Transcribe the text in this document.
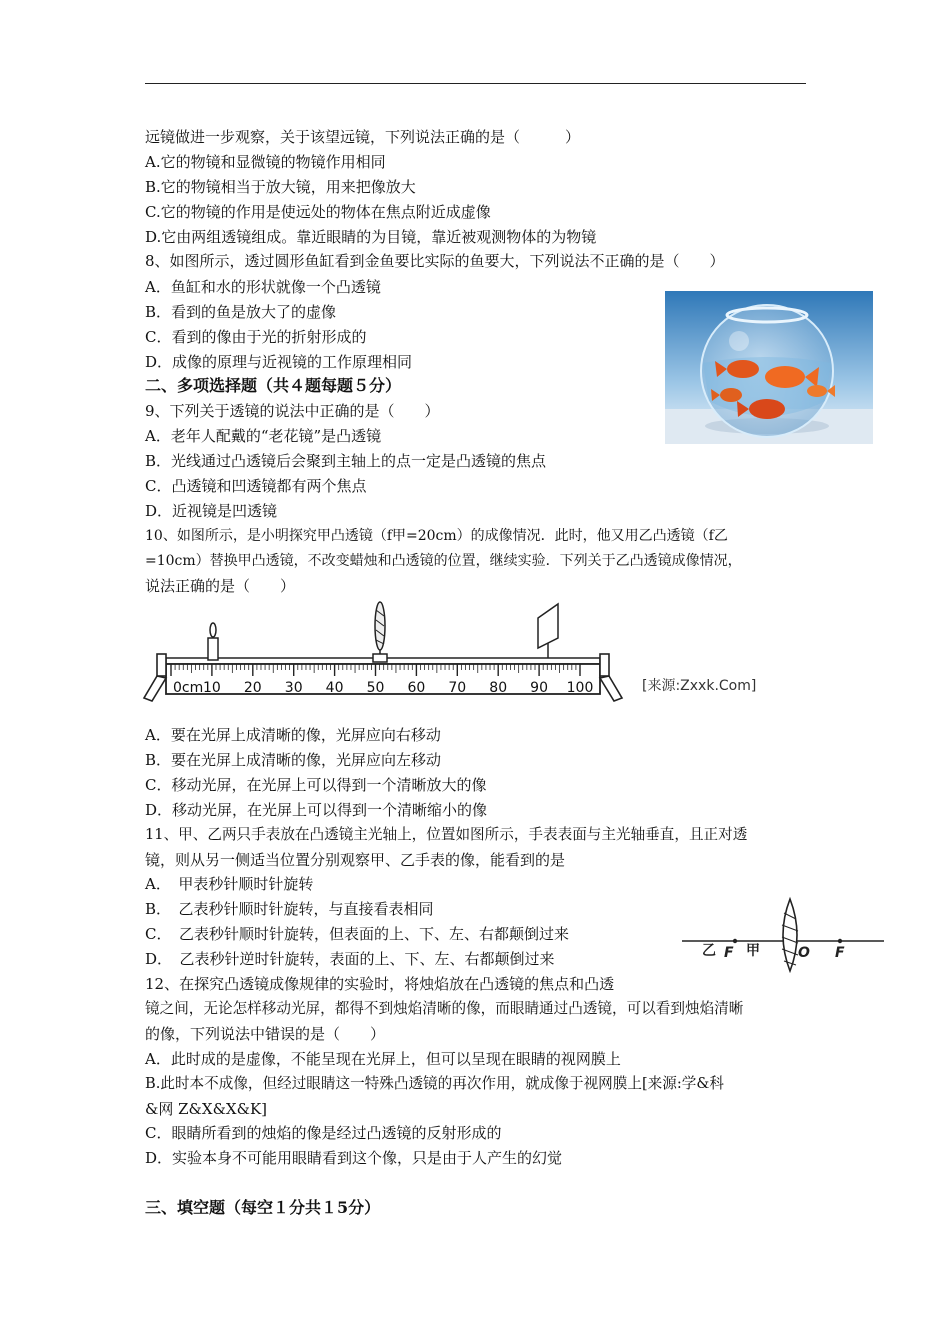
远镜做进一步观察，关于该望远镜，下列说法正确的是（　　　）
A.它的物镜和显微镜的物镜作用相同
B.它的物镜相当于放大镜，用来把像放大
C.它的物镜的作用是使远处的物体在焦点附近成虚像
D.它由两组透镜组成。靠近眼睛的为目镜，靠近被观测物体的为物镜
8、如图所示，透过圆形鱼缸看到金鱼要比实际的鱼要大，下列说法不正确的是（　　）
A．鱼缸和水的形状就像一个凸透镜
B．看到的鱼是放大了的虚像
C．看到的像由于光的折射形成的
D．成像的原理与近视镜的工作原理相同
二、多项选择题（共４题每题５分）
9、下列关于透镜的说法中正确的是（　　）
A．老年人配戴的“老花镜”是凸透镜
B．光线通过凸透镜后会聚到主轴上的点一定是凸透镜的焦点
C．凸透镜和凹透镜都有两个焦点
D．近视镜是凹透镜
10、如图所示，是小明探究甲凸透镜（f甲=20cm）的成像情况．此时，他又用乙凸透镜（f乙
=10cm）替换甲凸透镜，不改变蜡烛和凸透镜的位置，继续实验．下列关于乙凸透镜成像情况，
说法正确的是（　　）
A．要在光屏上成清晰的像，光屏应向右移动
B．要在光屏上成清晰的像，光屏应向左移动
C．移动光屏，在光屏上可以得到一个清晰放大的像
D．移动光屏，在光屏上可以得到一个清晰缩小的像
11、甲、乙两只手表放在凸透镜主光轴上，位置如图所示，手表表面与主光轴垂直，且正对透
镜，则从另一侧适当位置分别观察甲、乙手表的像，能看到的是
A．　甲表秒针顺时针旋转
B．　乙表秒针顺时针旋转，与直接看表相同
C．　乙表秒针顺时针旋转，但表面的上、下、左、右都颠倒过来
D．　乙表秒针逆时针旋转，表面的上、下、左、右都颠倒过来
12、在探究凸透镜成像规律的实验时，将烛焰放在凸透镜的焦点和凸透
镜之间，无论怎样移动光屏，都得不到烛焰清晰的像，而眼睛通过凸透镜，可以看到烛焰清晰
的像，下列说法中错误的是（　　）
A．此时成的是虚像，不能呈现在光屏上，但可以呈现在眼睛的视网膜上
B.此时本不成像，但经过眼睛这一特殊凸透镜的再次作用，就成像于视网膜上[来源:学&科
&网 Z&X&X&K]
C．眼睛所看到的烛焰的像是经过凸透镜的反射形成的
D．实验本身不可能用眼睛看到这个像，只是由于人产生的幻觉
三、填空题（每空１分共１5分）
0cm 10 20 30 40 50 60 70 80 90 100	[来源:Zxxk.Com]
乙 F 甲	O F
